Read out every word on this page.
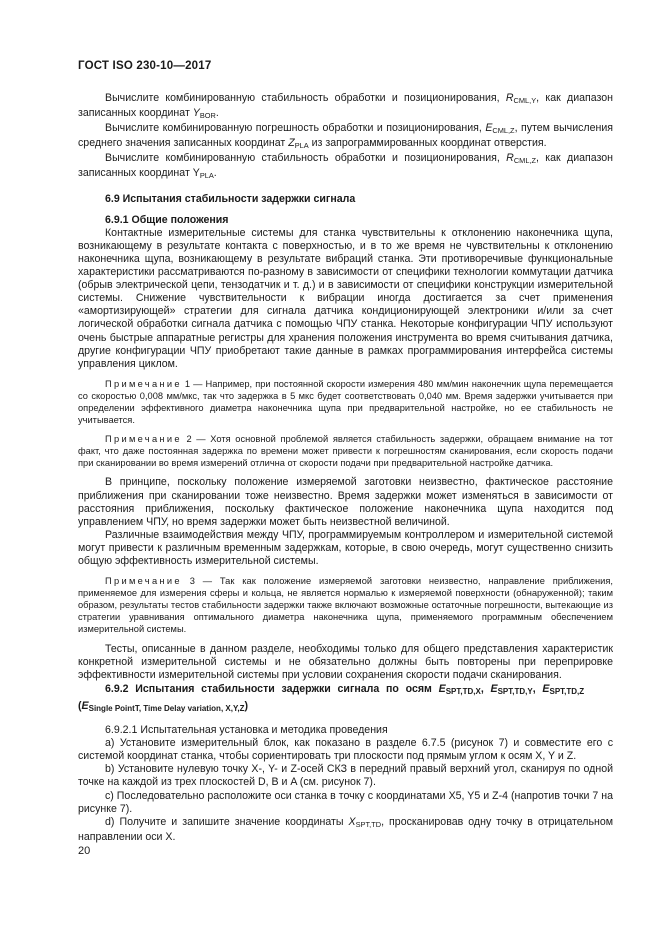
ГОСТ ISO 230-10—2017

Вычислите комбинированную стабильность обработки и позиционирования, $R_{CML,Y}$, как диапазон записанных координат $Y_{BOR}$.

Вычислите комбинированную погрешность обработки и позиционирования, $E_{CML,Z}$, путем вычисления среднего значения записанных координат $Z_{PLA}$ из запрограммированных координат отверстия.

Вычислите комбинированную стабильность обработки и позиционирования, $R_{CML,Z}$, как диапазон записанных координат $Y_{PLA}$.

6.9 Испытания стабильности задержки сигнала
6.9.1 Общие положения

Контактные измерительные системы для станка чувствительны к отклонению наконечника щупа, возникающему в результате контакта с поверхностью, и в то же время не чувствительны к отклонению наконечника щупа, возникающему в результате вибраций станка. Эти противоречивые функциональные характеристики рассматриваются по-разному в зависимости от специфики технологии коммутации датчика (обрыв электрической цепи, тензодатчик и т. д.) и в зависимости от специфики конструкции измерительной системы. Снижение чувствительности к вибрации иногда достигается за счет применения «амортизирующей» стратегии для сигнала датчика кондиционирующей электроники и/или за счет логической обработки сигнала датчика с помощью ЧПУ станка. Некоторые конфигурации ЧПУ используют очень быстрые аппаратные регистры для хранения положения инструмента во время считывания датчика, другие конфигурации ЧПУ приобретают такие данные в рамках программирования интерфейса системы управления циклом.

Примечание 1 — Например, при постоянной скорости измерения 480 мм/мин наконечник щупа перемещается со скоростью 0,008 мм/мкс, так что задержка в 5 мкс будет соответствовать 0,040 мм. Время задержки учитывается при определении эффективного диаметра наконечника щупа при предварительной настройке, но ее стабильность не учитывается.

Примечание 2 — Хотя основной проблемой является стабильность задержки, обращаем внимание на тот факт, что даже постоянная задержка по времени может привести к погрешностям сканирования, если скорость подачи при сканировании во время измерений отлична от скорости подачи при предварительной настройке датчика.

В принципе, поскольку положение измеряемой заготовки неизвестно, фактическое расстояние приближения при сканировании тоже неизвестно. Время задержки может изменяться в зависимости от расстояния приближения, поскольку фактическое положение наконечника щупа находится под управлением ЧПУ, но время задержки может быть неизвестной величиной.

Различные взаимодействия между ЧПУ, программируемым контроллером и измерительной системой могут привести к различным временным задержкам, которые, в свою очередь, могут существенно снизить общую эффективность измерительной системы.

Примечание 3 — Так как положение измеряемой заготовки неизвестно, направление приближения, применяемое для измерения сферы и кольца, не является нормалью к измеряемой поверхности (обнаруженной); таким образом, результаты тестов стабильности задержки также включают возможные остаточные погрешности, вытекающие из стратегии уравнивания оптимального диаметра наконечника щупа, применяемого программным обеспечением измерительной системы.

Тесты, описанные в данном разделе, необходимы только для общего представления характеристик конкретной измерительной системы и не обязательно должны быть повторены при переприровке эффективности измерительной системы при условии сохранения скорости подачи сканирования.

6.9.2 Испытания стабильности задержки сигнала по осям ESPT,TD,X, ESPT,TD,Y, ESPT,TD,Z
(ESingle PointT, Time Delay variation, X,Y,Z)

6.9.2.1 Испытательная установка и методика проведения

a) Установите измерительный блок, как показано в разделе 6.7.5 (рисунок 7) и совместите его с системой координат станка, чтобы сориентировать три плоскости под прямым углом к осям X, Y и Z.

b) Установите нулевую точку X-, Y- и Z-осей СКЗ в передний правый верхний угол, сканируя по одной точке на каждой из трех плоскостей D, B и A (см. рисунок 7).

c) Последовательно расположите оси станка в точку с координатами X5, Y5 и Z-4 (напротив точки 7 на рисунке 7).

d) Получите и запишите значение координаты $X_{SPT,TD}$, просканировав одну точку в отрицательном направлении оси X.

20
